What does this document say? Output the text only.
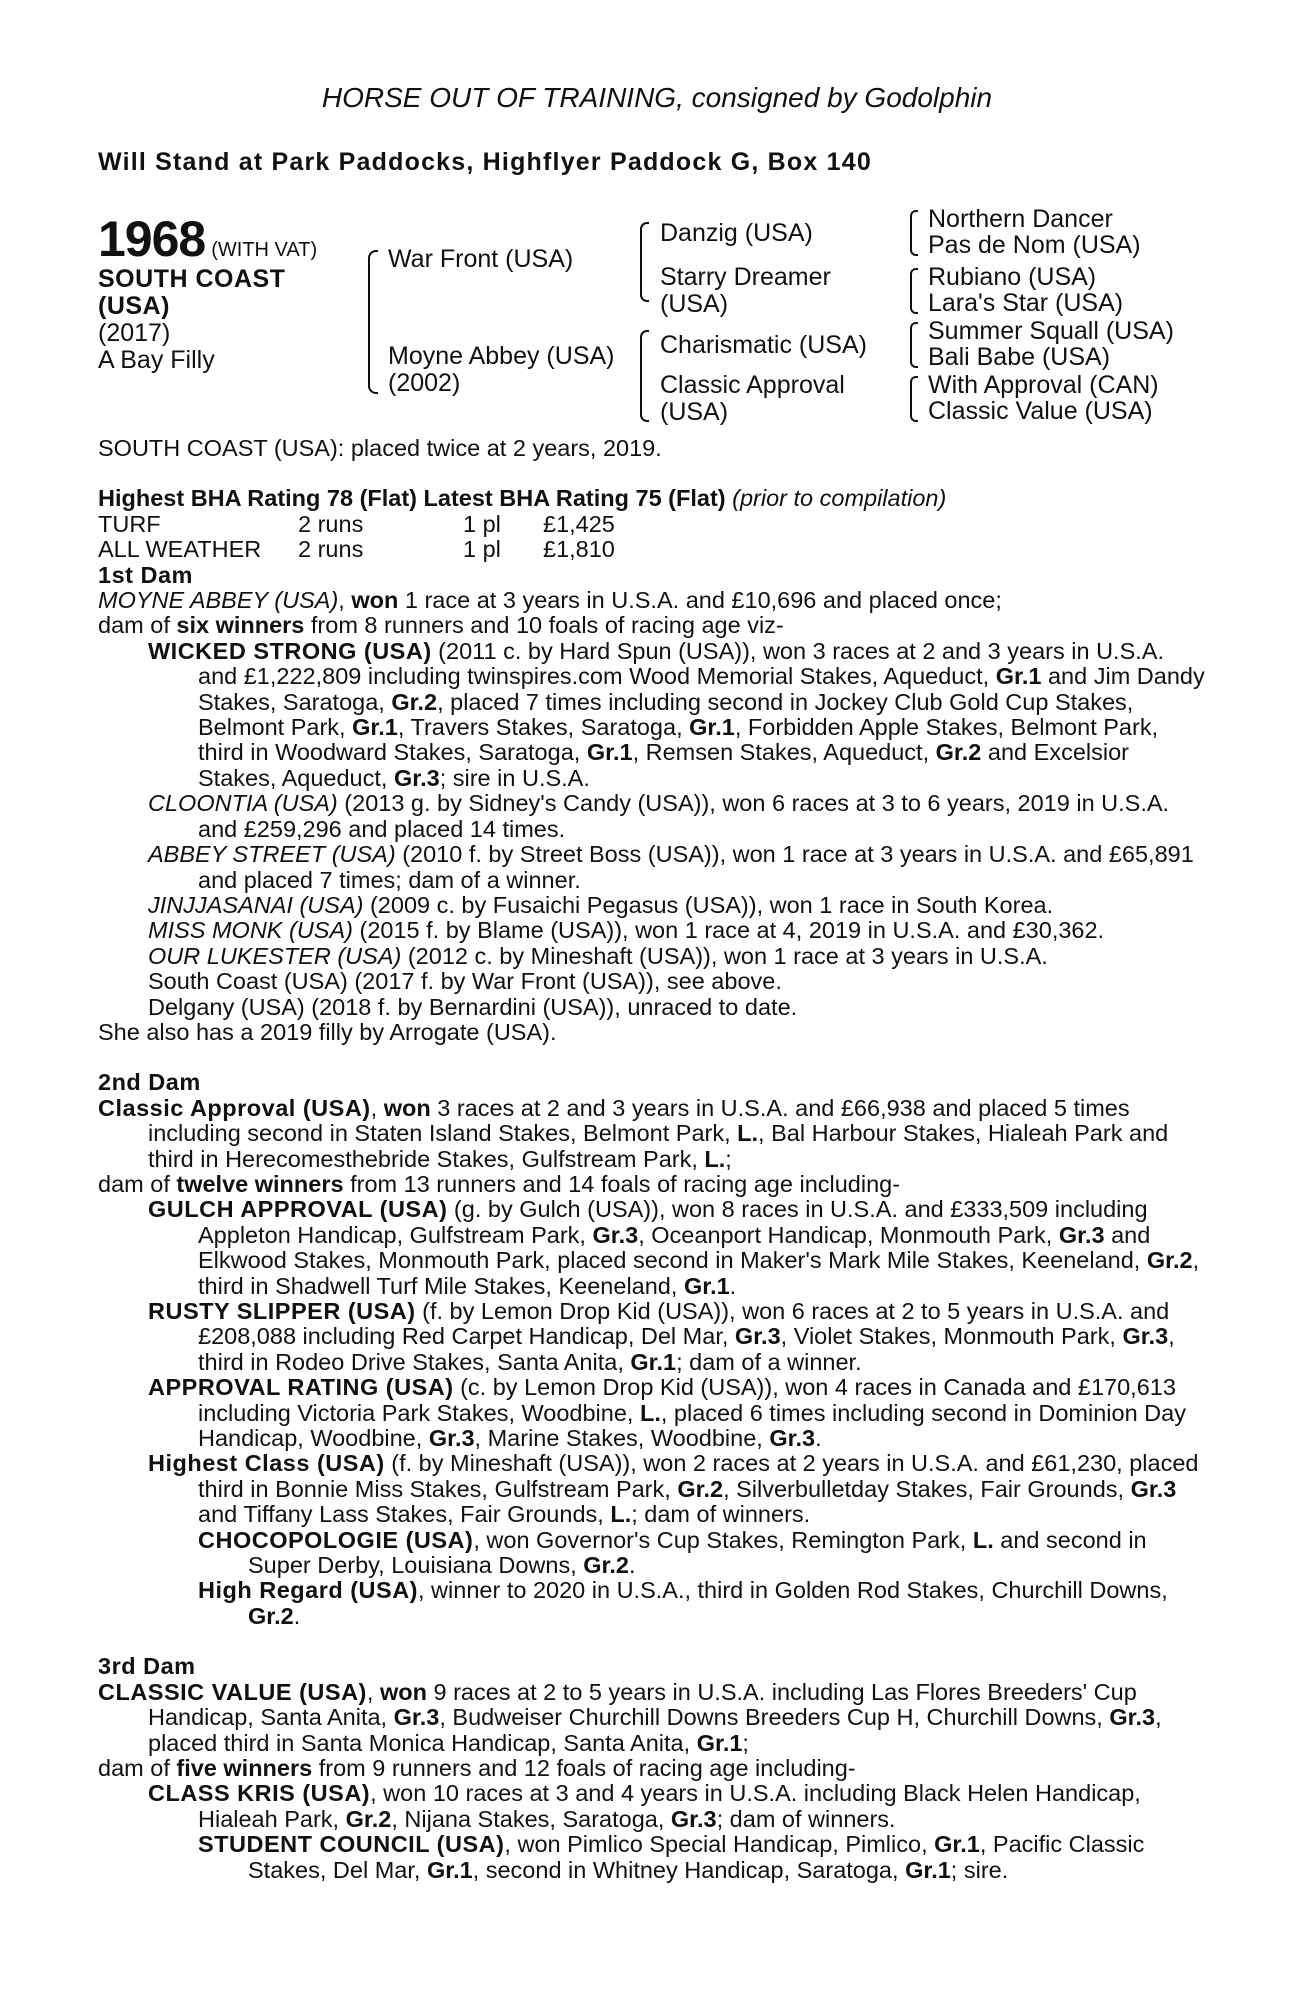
HORSE OUT OF TRAINING, consigned by Godolphin
Will Stand at Park Paddocks, Highflyer Paddock G, Box 140
1968 (WITH VAT)
SOUTH COAST
(USA)
(2017)
A Bay Filly
War Front (USA)
Moyne Abbey (USA)
(2002)
Danzig (USA)
Starry Dreamer
(USA)
Charismatic (USA)
Classic Approval
(USA)
Northern Dancer
Pas de Nom (USA)
Rubiano (USA)
Lara's Star (USA)
Summer Squall (USA)
Bali Babe (USA)
With Approval (CAN)
Classic Value (USA)

SOUTH COAST (USA): placed twice at 2 years, 2019.

Highest BHA Rating 78 (Flat) Latest BHA Rating 75 (Flat) (prior to compilation)

TURF	2 runs	1 pl	£1,425
ALL WEATHER	2 runs	1 pl	£1,810

1st Dam

MOYNE ABBEY (USA), won 1 race at 3 years in U.S.A. and £10,696 and placed once;

dam of six winners from 8 runners and 10 foals of racing age viz-

WICKED STRONG (USA) (2011 c. by Hard Spun (USA)), won 3 races at 2 and 3 years in U.S.A. and £1,222,809 including twinspires.com Wood Memorial Stakes, Aqueduct, Gr.1 and Jim Dandy Stakes, Saratoga, Gr.2, placed 7 times including second in Jockey Club Gold Cup Stakes, Belmont Park, Gr.1, Travers Stakes, Saratoga, Gr.1, Forbidden Apple Stakes, Belmont Park, third in Woodward Stakes, Saratoga, Gr.1, Remsen Stakes, Aqueduct, Gr.2 and Excelsior Stakes, Aqueduct, Gr.3; sire in U.S.A.

CLOONTIA (USA) (2013 g. by Sidney's Candy (USA)), won 6 races at 3 to 6 years, 2019 in U.S.A. and £259,296 and placed 14 times.

ABBEY STREET (USA) (2010 f. by Street Boss (USA)), won 1 race at 3 years in U.S.A. and £65,891 and placed 7 times; dam of a winner.

JINJJASANAI (USA) (2009 c. by Fusaichi Pegasus (USA)), won 1 race in South Korea.

MISS MONK (USA) (2015 f. by Blame (USA)), won 1 race at 4, 2019 in U.S.A. and £30,362.

OUR LUKESTER (USA) (2012 c. by Mineshaft (USA)), won 1 race at 3 years in U.S.A.

South Coast (USA) (2017 f. by War Front (USA)), see above.

Delgany (USA) (2018 f. by Bernardini (USA)), unraced to date.

She also has a 2019 filly by Arrogate (USA).

2nd Dam

Classic Approval (USA), won 3 races at 2 and 3 years in U.S.A. and £66,938 and placed 5 times including second in Staten Island Stakes, Belmont Park, L., Bal Harbour Stakes, Hialeah Park and third in Herecomesthebride Stakes, Gulfstream Park, L.;

dam of twelve winners from 13 runners and 14 foals of racing age including-

GULCH APPROVAL (USA) (g. by Gulch (USA)), won 8 races in U.S.A. and £333,509 including Appleton Handicap, Gulfstream Park, Gr.3, Oceanport Handicap, Monmouth Park, Gr.3 and Elkwood Stakes, Monmouth Park, placed second in Maker's Mark Mile Stakes, Keeneland, Gr.2, third in Shadwell Turf Mile Stakes, Keeneland, Gr.1.

RUSTY SLIPPER (USA) (f. by Lemon Drop Kid (USA)), won 6 races at 2 to 5 years in U.S.A. and £208,088 including Red Carpet Handicap, Del Mar, Gr.3, Violet Stakes, Monmouth Park, Gr.3, third in Rodeo Drive Stakes, Santa Anita, Gr.1; dam of a winner.

APPROVAL RATING (USA) (c. by Lemon Drop Kid (USA)), won 4 races in Canada and £170,613 including Victoria Park Stakes, Woodbine, L., placed 6 times including second in Dominion Day Handicap, Woodbine, Gr.3, Marine Stakes, Woodbine, Gr.3.

Highest Class (USA) (f. by Mineshaft (USA)), won 2 races at 2 years in U.S.A. and £61,230, placed third in Bonnie Miss Stakes, Gulfstream Park, Gr.2, Silverbulletday Stakes, Fair Grounds, Gr.3 and Tiffany Lass Stakes, Fair Grounds, L.; dam of winners.

CHOCOPOLOGIE (USA), won Governor's Cup Stakes, Remington Park, L. and second in Super Derby, Louisiana Downs, Gr.2.

High Regard (USA), winner to 2020 in U.S.A., third in Golden Rod Stakes, Churchill Downs, Gr.2.

3rd Dam

CLASSIC VALUE (USA), won 9 races at 2 to 5 years in U.S.A. including Las Flores Breeders' Cup Handicap, Santa Anita, Gr.3, Budweiser Churchill Downs Breeders Cup H, Churchill Downs, Gr.3, placed third in Santa Monica Handicap, Santa Anita, Gr.1;

dam of five winners from 9 runners and 12 foals of racing age including-

CLASS KRIS (USA), won 10 races at 3 and 4 years in U.S.A. including Black Helen Handicap, Hialeah Park, Gr.2, Nijana Stakes, Saratoga, Gr.3; dam of winners.

STUDENT COUNCIL (USA), won Pimlico Special Handicap, Pimlico, Gr.1, Pacific Classic Stakes, Del Mar, Gr.1, second in Whitney Handicap, Saratoga, Gr.1; sire.
